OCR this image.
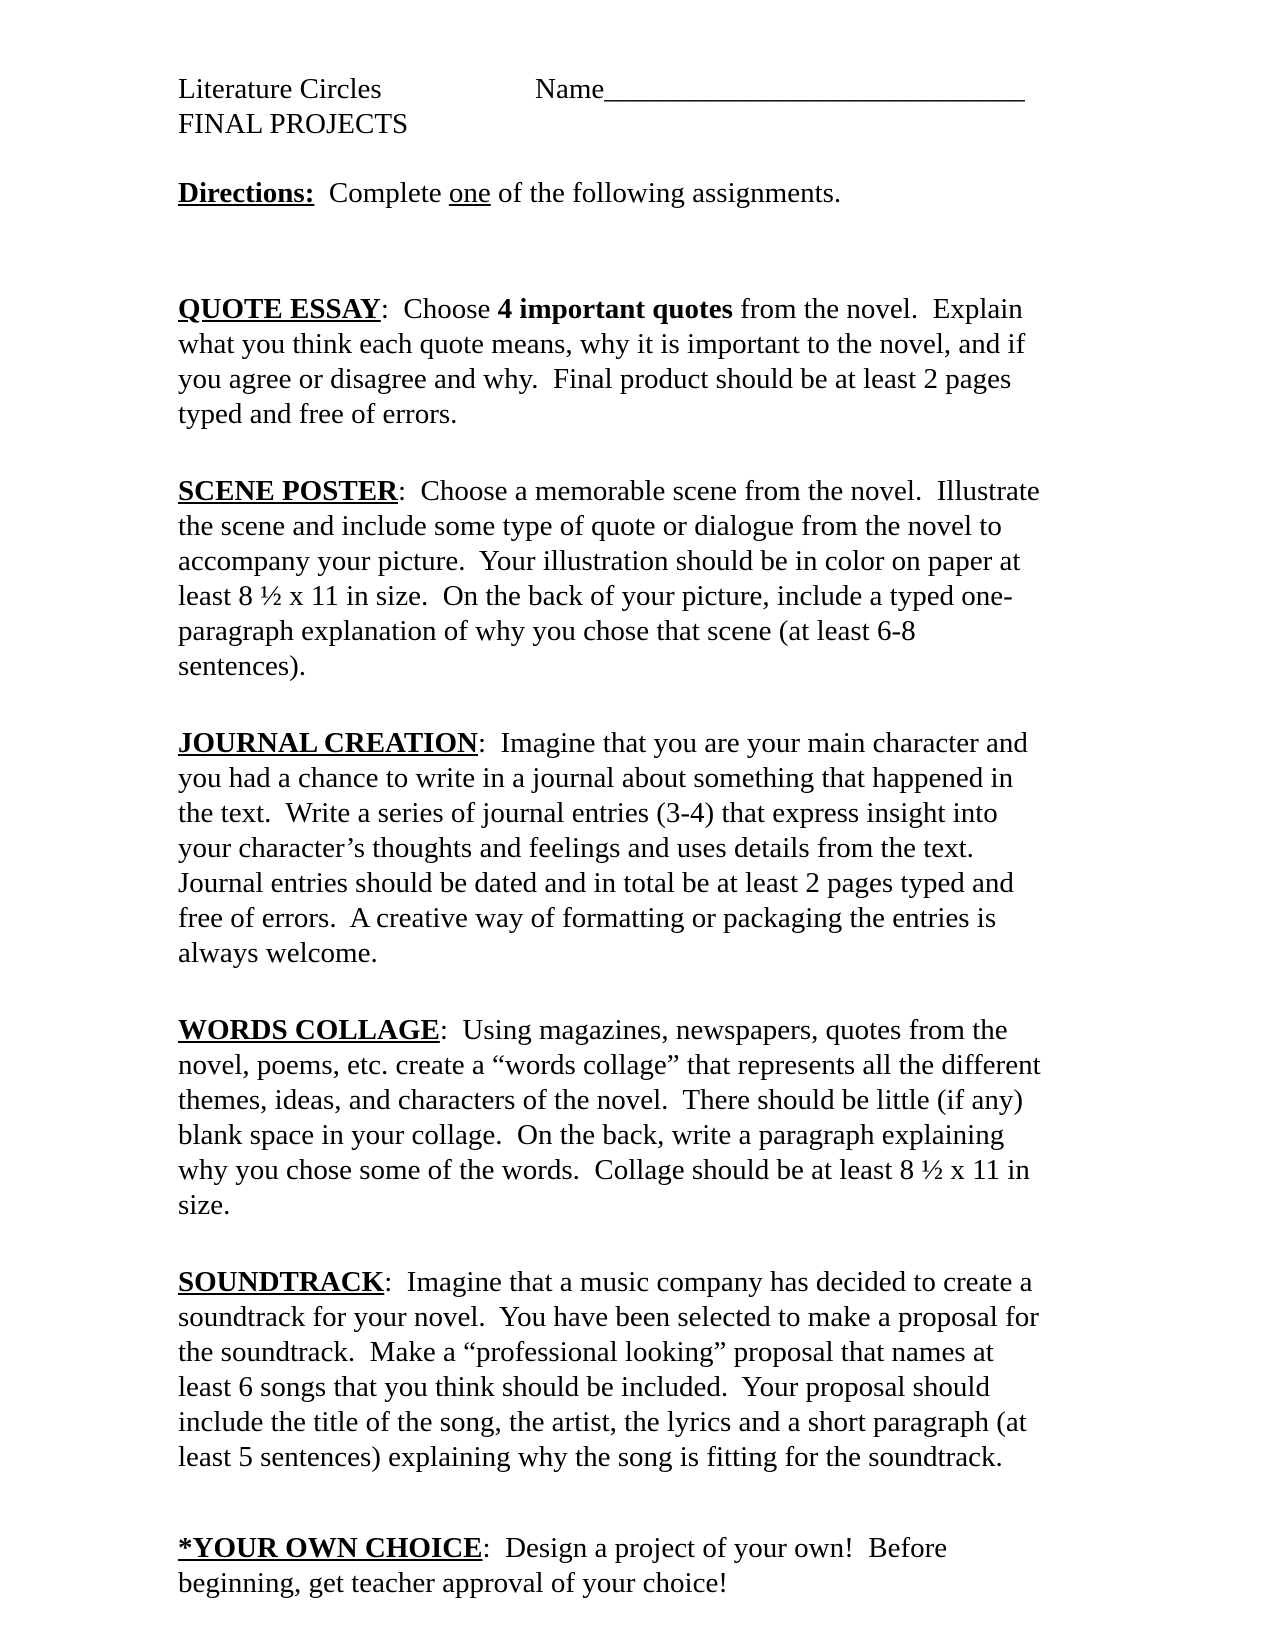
Literature Circles	Name_____________________________

FINAL PROJECTS

Directions:  Complete one of the following assignments.

QUOTE ESSAY:  Choose 4 important quotes from the novel.  Explain what you think each quote means, why it is important to the novel, and if you agree or disagree and why.  Final product should be at least 2 pages typed and free of errors.

SCENE POSTER:  Choose a memorable scene from the novel.  Illustrate the scene and include some type of quote or dialogue from the novel to accompany your picture.  Your illustration should be in color on paper at least 8 ½ x 11 in size.  On the back of your picture, include a typed one-paragraph explanation of why you chose that scene (at least 6-8 sentences).

JOURNAL CREATION:  Imagine that you are your main character and you had a chance to write in a journal about something that happened in the text.  Write a series of journal entries (3-4) that express insight into your character’s thoughts and feelings and uses details from the text.  Journal entries should be dated and in total be at least 2 pages typed and free of errors.  A creative way of formatting or packaging the entries is always welcome.

WORDS COLLAGE:  Using magazines, newspapers, quotes from the novel, poems, etc. create a “words collage” that represents all the different themes, ideas, and characters of the novel.  There should be little (if any) blank space in your collage.  On the back, write a paragraph explaining why you chose some of the words.  Collage should be at least 8 ½ x 11 in size.

SOUNDTRACK:  Imagine that a music company has decided to create a soundtrack for your novel.  You have been selected to make a proposal for the soundtrack.  Make a “professional looking” proposal that names at least 6 songs that you think should be included.  Your proposal should include the title of the song, the artist, the lyrics and a short paragraph (at least 5 sentences) explaining why the song is fitting for the soundtrack.

*YOUR OWN CHOICE:  Design a project of your own!  Before beginning, get teacher approval of your choice!
